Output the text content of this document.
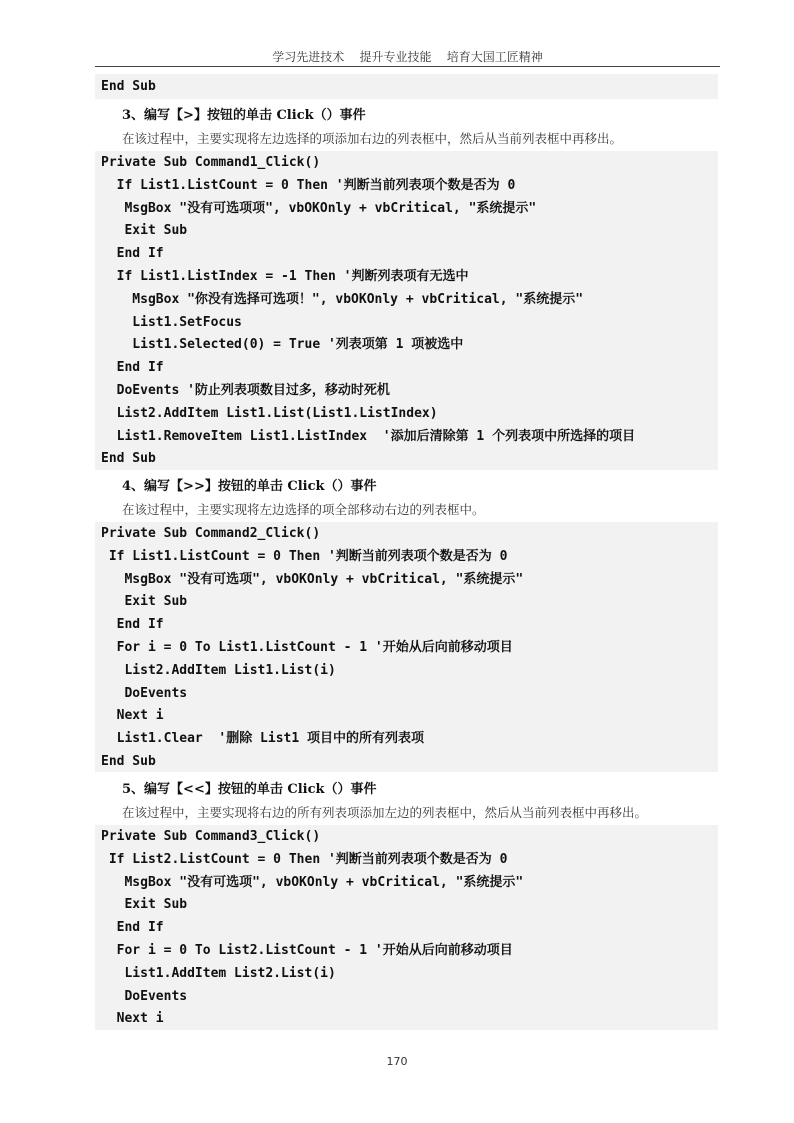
学习先进技术    提升专业技能    培育大国工匠精神
End Sub
3、编写【>】按钮的单击 Click（）事件
在该过程中，主要实现将左边选择的项添加右边的列表框中，然后从当前列表框中再移出。
Private Sub Command1_Click()
If List1.ListCount = 0 Then '判断当前列表项个数是否为 0
MsgBox "没有可选项项", vbOKOnly + vbCritical, "系统提示"
Exit Sub
End If
If List1.ListIndex = -1 Then '判断列表项有无选中
MsgBox "你没有选择可选项！", vbOKOnly + vbCritical, "系统提示"
List1.SetFocus
List1.Selected(0) = True '列表项第 1 项被选中
End If
DoEvents '防止列表项数目过多，移动时死机
List2.AddItem List1.List(List1.ListIndex)
List1.RemoveItem List1.ListIndex  '添加后清除第 1 个列表项中所选择的项目
End Sub
4、编写【>>】按钮的单击 Click（）事件
在该过程中，主要实现将左边选择的项全部移动右边的列表框中。
Private Sub Command2_Click()
If List1.ListCount = 0 Then '判断当前列表项个数是否为 0
MsgBox "没有可选项", vbOKOnly + vbCritical, "系统提示"
Exit Sub
End If
For i = 0 To List1.ListCount - 1 '开始从后向前移动项目
List2.AddItem List1.List(i)
DoEvents
Next i
List1.Clear  '删除 List1 项目中的所有列表项
End Sub
5、编写【<<】按钮的单击 Click（）事件
在该过程中，主要实现将右边的所有列表项添加左边的列表框中，然后从当前列表框中再移出。
Private Sub Command3_Click()
If List2.ListCount = 0 Then '判断当前列表项个数是否为 0
MsgBox "没有可选项", vbOKOnly + vbCritical, "系统提示"
Exit Sub
End If
For i = 0 To List2.ListCount - 1 '开始从后向前移动项目
List1.AddItem List2.List(i)
DoEvents
Next i
170
